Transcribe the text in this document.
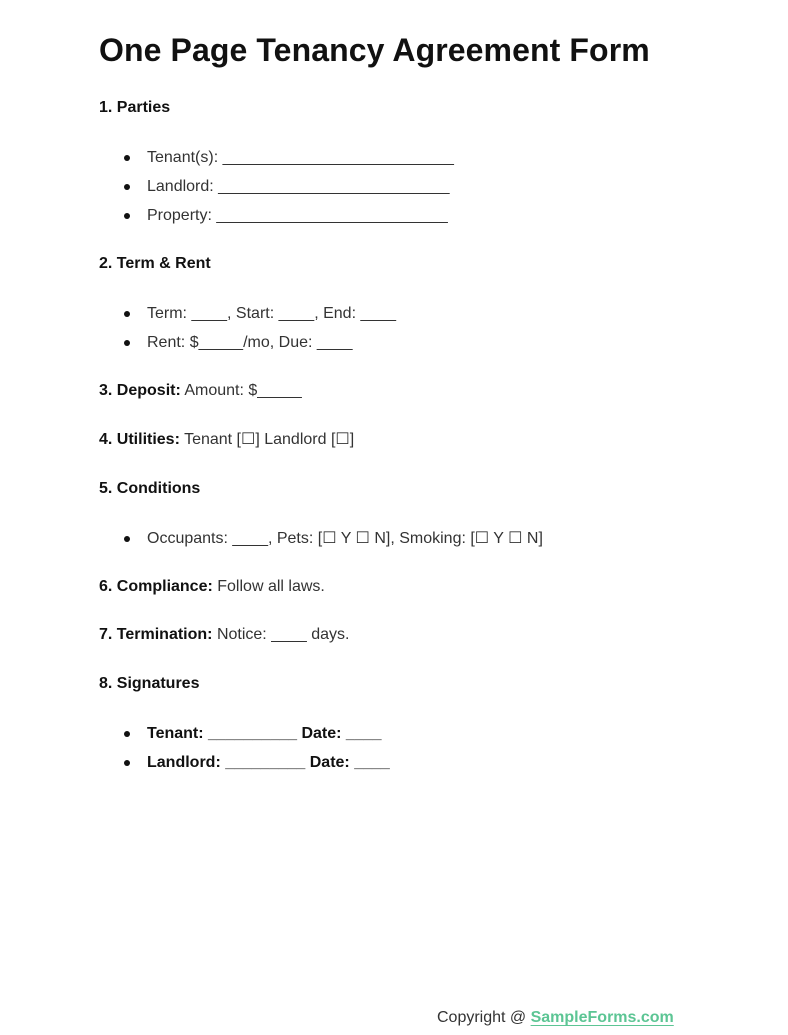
One Page Tenancy Agreement Form
1. Parties
Tenant(s): __________________________
Landlord: __________________________
Property: __________________________
2. Term & Rent
Term: ____, Start: ____, End: ____
Rent: $_____/mo, Due: ____
3. Deposit: Amount: $_____
4. Utilities: Tenant [☐] Landlord [☐]
5. Conditions
Occupants: ____, Pets: [☐ Y ☐ N], Smoking: [☐ Y ☐ N]
6. Compliance: Follow all laws.
7. Termination: Notice: ____ days.
8. Signatures
Tenant: __________ Date: ____
Landlord: _________ Date: ____
Copyright @ SampleForms.com
